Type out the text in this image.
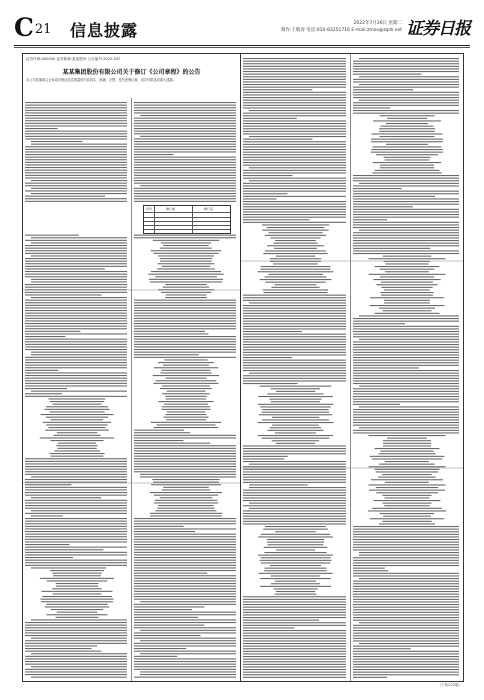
C21 信息披露	2022年7月26日 星期二
制作:王敬涛 电话:010-83251716 E-mail:zmzx@zqrb.net 证券日报
证券代码:000000 证券简称:某某股份 公告编号:2022-047
某某集团股份有限公司关于修订《公司章程》的公告
本公司及董事会全体成员保证信息披露的内容真实、准确、完整，没有虚假记载、误导性陈述或重大遗漏。
序号	修订前	修订后
（下转C22版）
